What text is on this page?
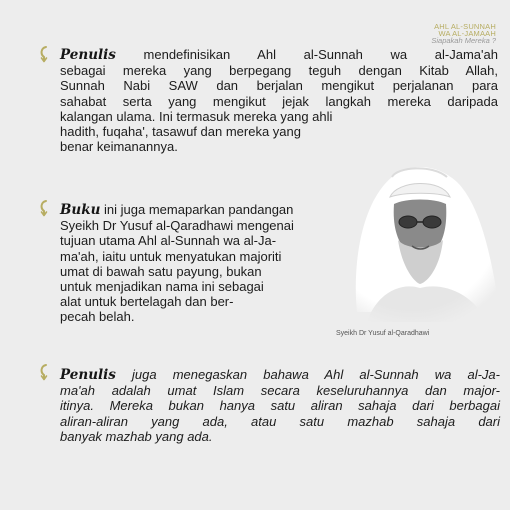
AHL AL-SUNNAH
WA AL-JAMAAH
Siapakah Mereka ?
Penulis mendefinisikan Ahl al-Sunnah wa al-Jama'ah
sebagai mereka yang berpegang teguh dengan Kitab Allah,
Sunnah Nabi SAW dan berjalan mengikut perjalanan para
sahabat serta yang mengikut jejak langkah mereka daripada
kalangan ulama. Ini termasuk mereka yang ahli
hadith, fuqaha', tasawuf dan mereka yang
benar keimanannya.
Syeikh Dr Yusuf al-Qaradhawi
Buku ini juga memaparkan pandangan
Syeikh Dr Yusuf al-Qaradhawi mengenai
tujuan utama Ahl al-Sunnah wa al-Ja-
ma'ah, iaitu untuk menyatukan majoriti
umat di bawah satu payung, bukan
untuk menjadikan nama ini sebagai
alat untuk bertelagah dan ber-
pecah belah.
Penulis juga menegaskan bahawa Ahl al-Sunnah wa al-Ja-
ma'ah adalah umat Islam secara keseluruhannya dan major-
itinya. Mereka bukan hanya satu aliran sahaja dari berbagai
aliran-aliran yang ada, atau satu mazhab sahaja dari
banyak mazhab yang ada.
